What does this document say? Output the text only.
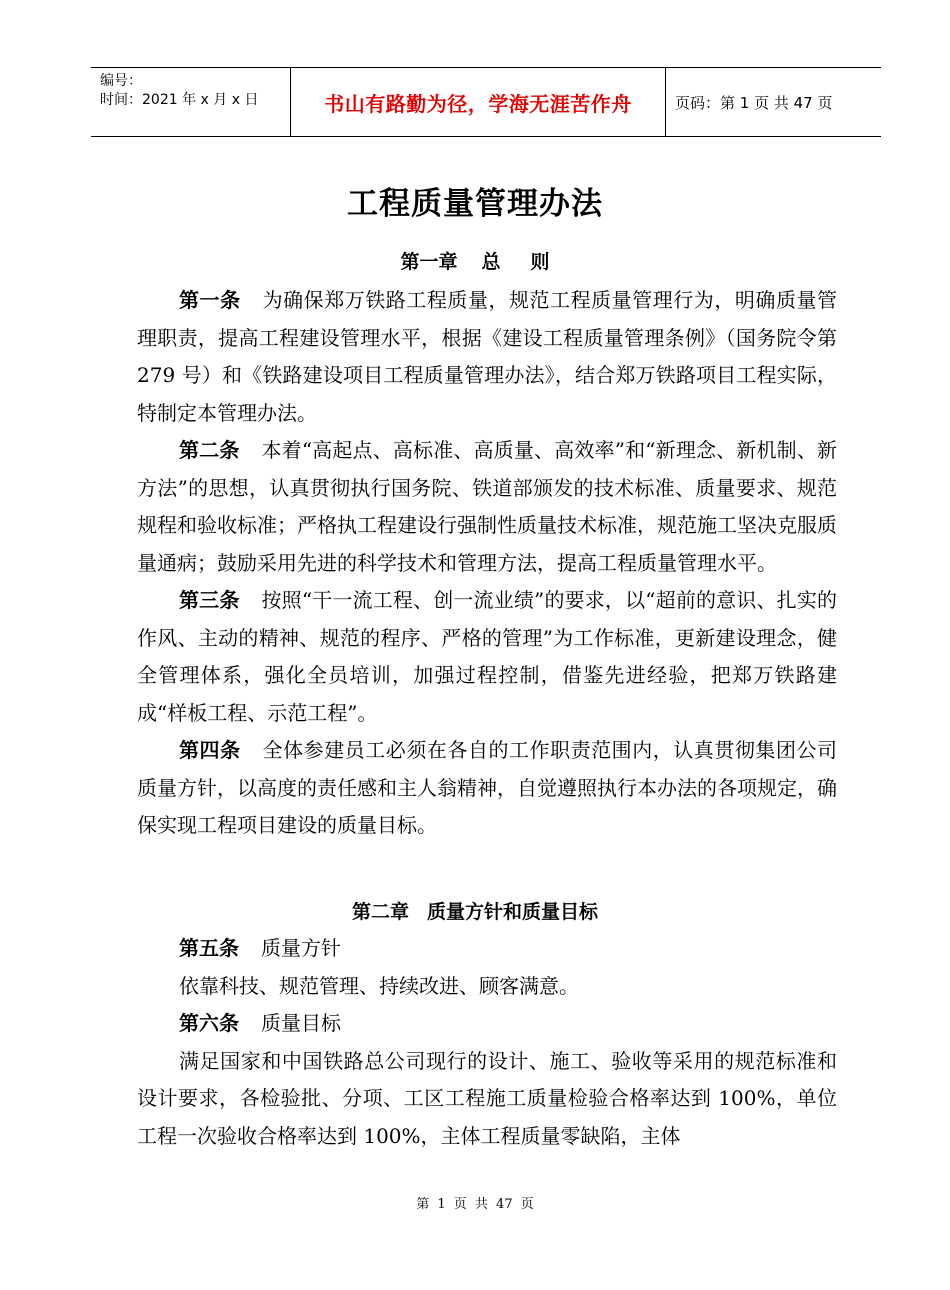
编号：
时间：2021 年 x 月 x 日	书山有路勤为径，学海无涯苦作舟	页码：第 1 页 共 47 页
工程质量管理办法
第一章 总 则

第一条 为确保郑万铁路工程质量，规范工程质量管理行为，明确质量管理职责，提高工程建设管理水平，根据《建设工程质量管理条例》（国务院令第 279 号）和《铁路建设项目工程质量管理办法》，结合郑万铁路项目工程实际，特制定本管理办法。

第二条 本着“高起点、高标准、高质量、高效率”和“新理念、新机制、新方法”的思想，认真贯彻执行国务院、铁道部颁发的技术标准、质量要求、规范规程和验收标准；严格执工程建设行强制性质量技术标准，规范施工坚决克服质量通病；鼓励采用先进的科学技术和管理方法，提高工程质量管理水平。

第三条 按照“干一流工程、创一流业绩”的要求，以“超前的意识、扎实的作风、主动的精神、规范的程序、严格的管理”为工作标准，更新建设理念，健全管理体系，强化全员培训，加强过程控制，借鉴先进经验，把郑万铁路建成“样板工程、示范工程”。

第四条 全体参建员工必须在各自的工作职责范围内，认真贯彻集团公司质量方针，以高度的责任感和主人翁精神，自觉遵照执行本办法的各项规定，确保实现工程项目建设的质量目标。

第二章 质量方针和质量目标

第五条 质量方针

依靠科技、规范管理、持续改进、顾客满意。

第六条 质量目标

满足国家和中国铁路总公司现行的设计、施工、验收等采用的规范标准和设计要求，各检验批、分项、工区工程施工质量检验合格率达到 100%，单位工程一次验收合格率达到 100%，主体工程质量零缺陷，主体

第 1 页 共 47 页
